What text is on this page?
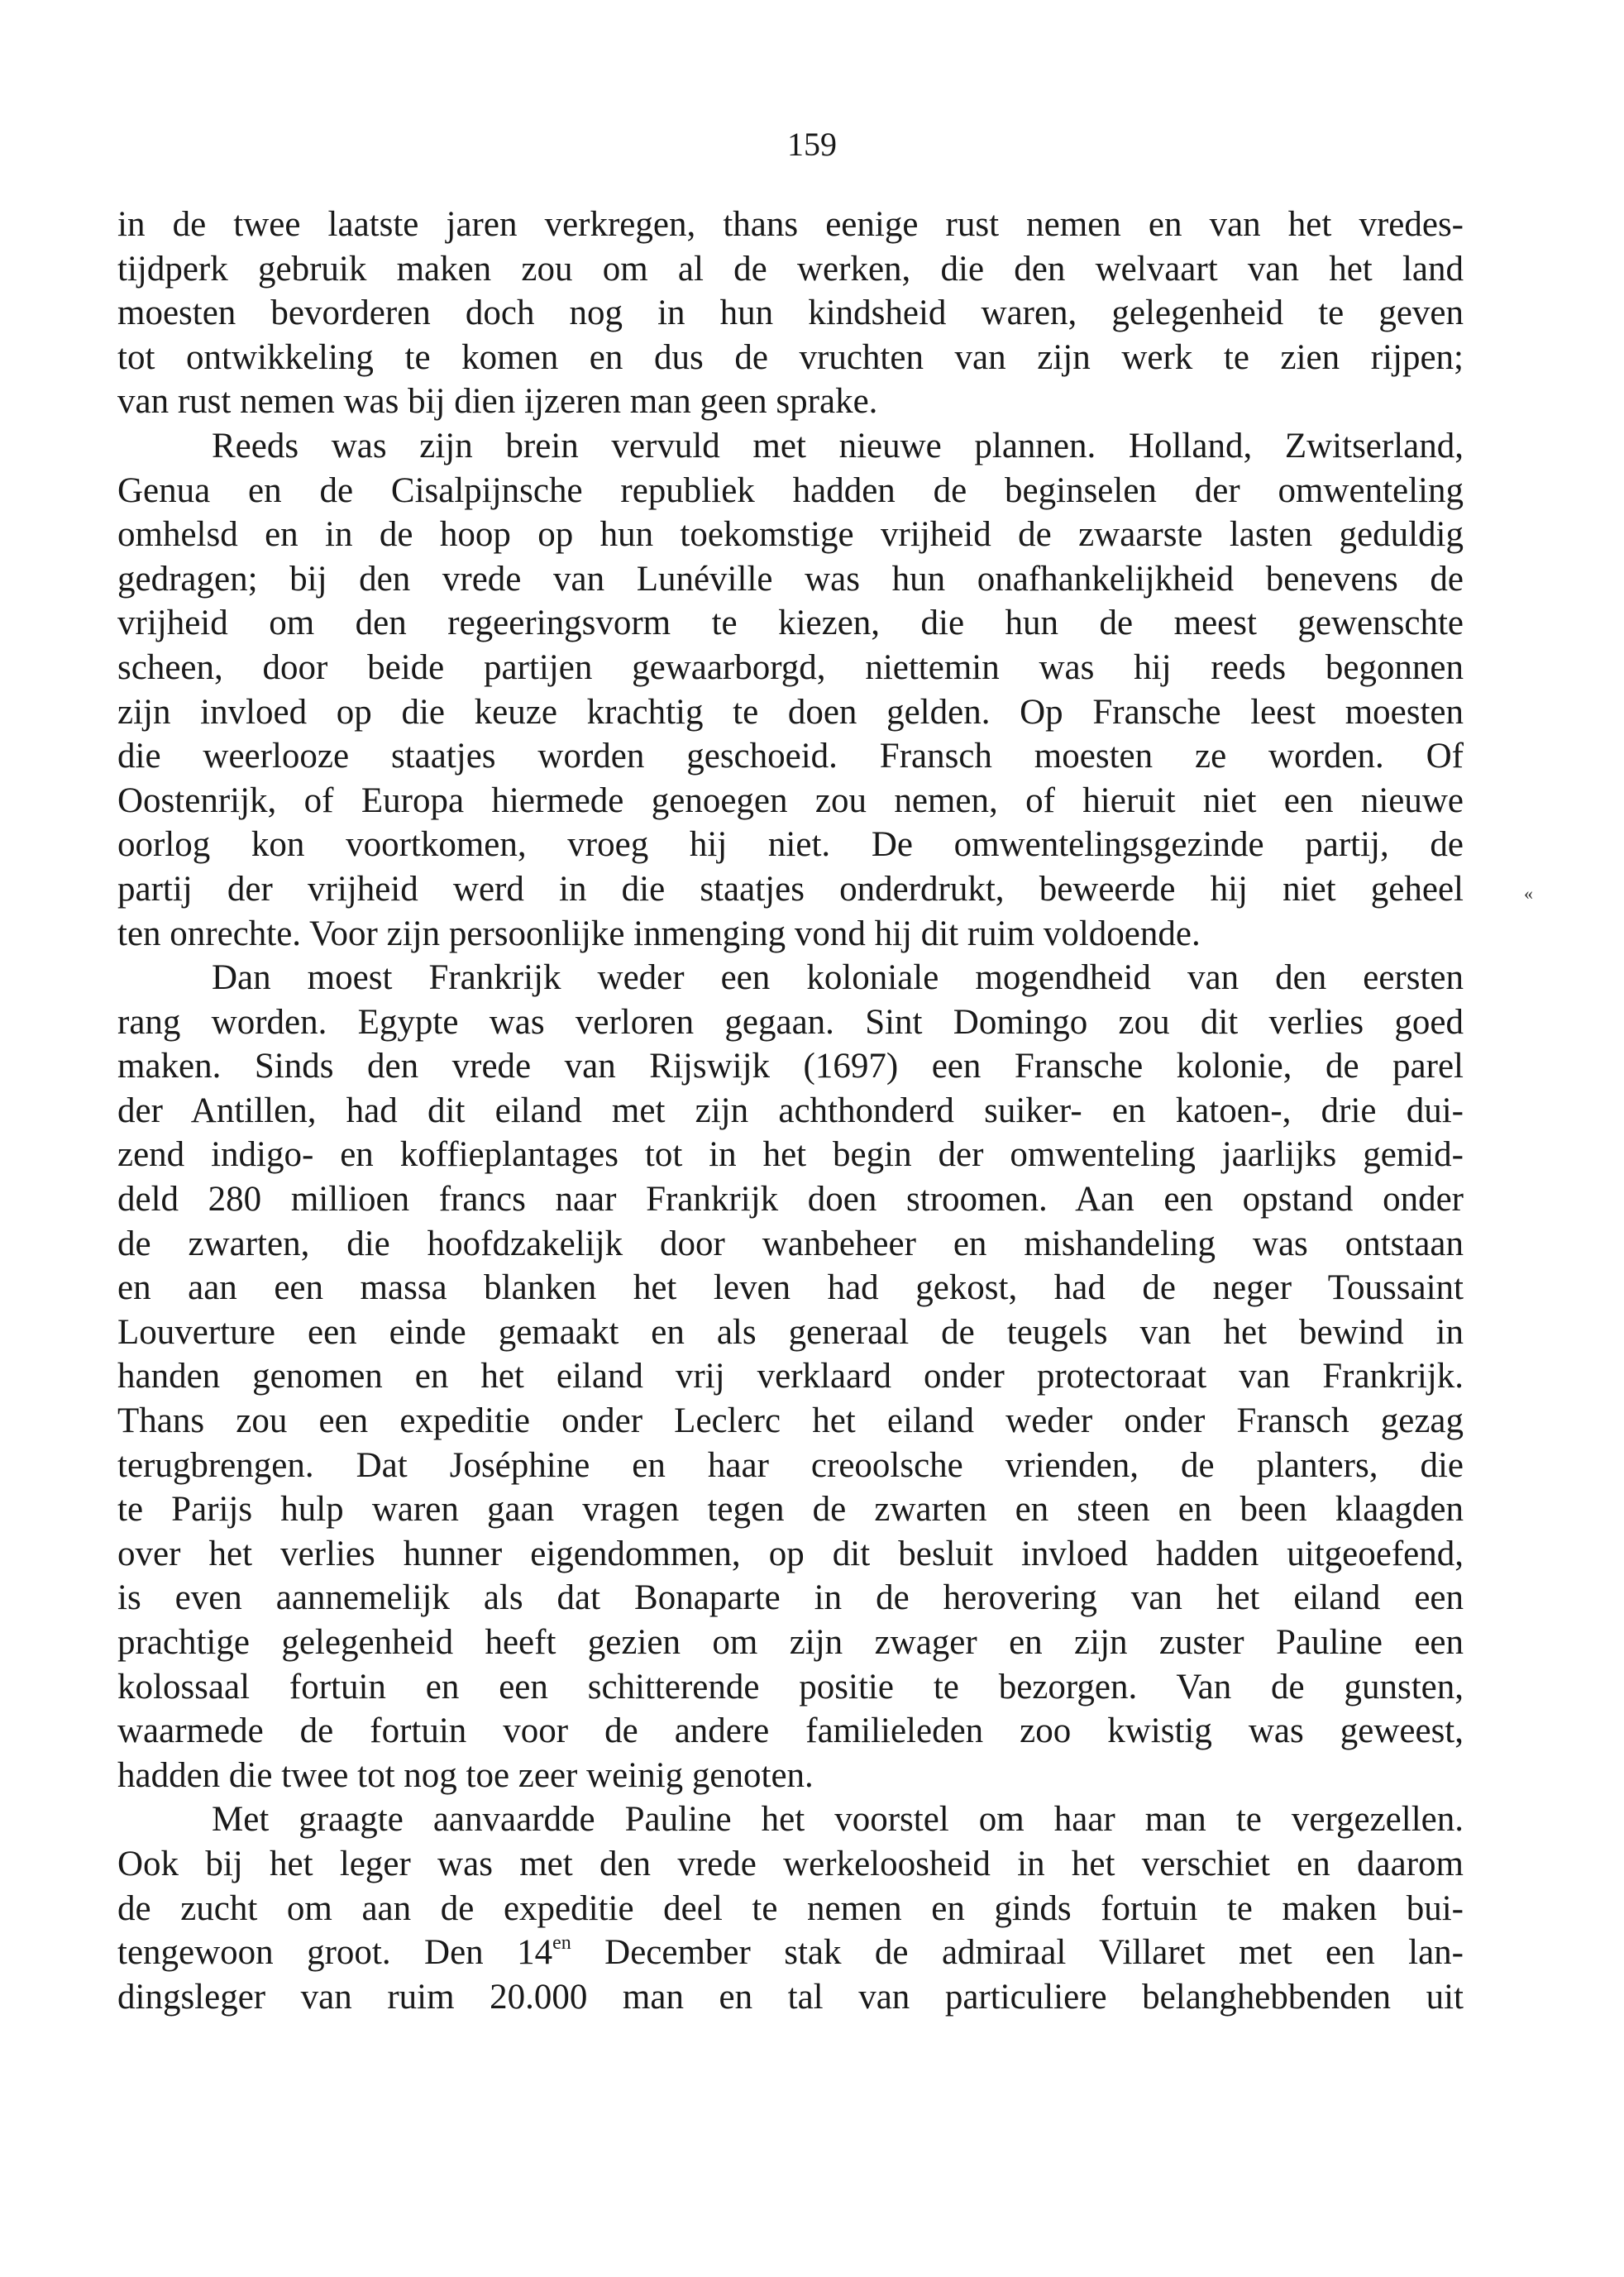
159
in de twee laatste jaren verkregen, thans eenige rust nemen en van het vredes-
tijdperk gebruik maken zou om al de werken, die den welvaart van het land
moesten bevorderen doch nog in hun kindsheid waren, gelegenheid te geven
tot ontwikkeling te komen en dus de vruchten van zijn werk te zien rijpen;
van rust nemen was bij dien ijzeren man geen sprake.
Reeds was zijn brein vervuld met nieuwe plannen. Holland, Zwitserland,
Genua en de Cisalpijnsche republiek hadden de beginselen der omwenteling
omhelsd en in de hoop op hun toekomstige vrijheid de zwaarste lasten geduldig
gedragen; bij den vrede van Lunéville was hun onafhankelijkheid benevens de
vrijheid om den regeeringsvorm te kiezen, die hun de meest gewenschte
scheen, door beide partijen gewaarborgd, niettemin was hij reeds begonnen
zijn invloed op die keuze krachtig te doen gelden. Op Fransche leest moesten
die weerlooze staatjes worden geschoeid. Fransch moesten ze worden. Of
Oostenrijk, of Europa hiermede genoegen zou nemen, of hieruit niet een nieuwe
oorlog kon voortkomen, vroeg hij niet. De omwentelingsgezinde partij, de
partij der vrijheid werd in die staatjes onderdrukt, beweerde hij niet geheel
ten onrechte. Voor zijn persoonlijke inmenging vond hij dit ruim voldoende.
Dan moest Frankrijk weder een koloniale mogendheid van den eersten
rang worden. Egypte was verloren gegaan. Sint Domingo zou dit verlies goed
maken. Sinds den vrede van Rijswijk (1697) een Fransche kolonie, de parel
der Antillen, had dit eiland met zijn achthonderd suiker- en katoen-, drie dui-
zend indigo- en koffieplantages tot in het begin der omwenteling jaarlijks gemid-
deld 280 millioen francs naar Frankrijk doen stroomen. Aan een opstand onder
de zwarten, die hoofdzakelijk door wanbeheer en mishandeling was ontstaan
en aan een massa blanken het leven had gekost, had de neger Toussaint
Louverture een einde gemaakt en als generaal de teugels van het bewind in
handen genomen en het eiland vrij verklaard onder protectoraat van Frankrijk.
Thans zou een expeditie onder Leclerc het eiland weder onder Fransch gezag
terugbrengen. Dat Joséphine en haar creoolsche vrienden, de planters, die
te Parijs hulp waren gaan vragen tegen de zwarten en steen en been klaagden
over het verlies hunner eigendommen, op dit besluit invloed hadden uitgeoefend,
is even aannemelijk als dat Bonaparte in de herovering van het eiland een
prachtige gelegenheid heeft gezien om zijn zwager en zijn zuster Pauline een
kolossaal fortuin en een schitterende positie te bezorgen. Van de gunsten,
waarmede de fortuin voor de andere familieleden zoo kwistig was geweest,
hadden die twee tot nog toe zeer weinig genoten.
Met graagte aanvaardde Pauline het voorstel om haar man te vergezellen.
Ook bij het leger was met den vrede werkeloosheid in het verschiet en daarom
de zucht om aan de expeditie deel te nemen en ginds fortuin te maken bui-
tengewoon groot. Den $14^{en}$ December stak de admiraal Villaret met een lan-
dingsleger van ruim 20.000 man en tal van particuliere belanghebbenden uit
«
